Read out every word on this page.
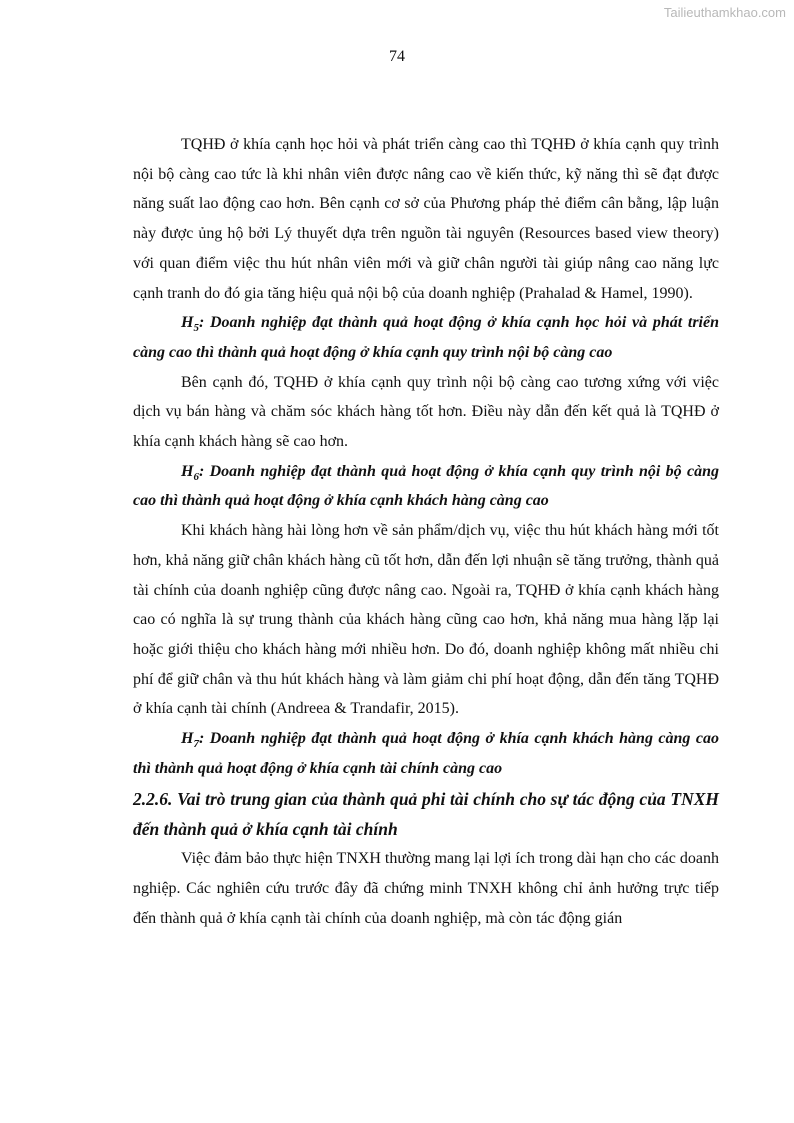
Tailieuthamkhao.com
74

TQHĐ ở khía cạnh học hỏi và phát triển càng cao thì TQHĐ ở khía cạnh quy trình nội bộ càng cao tức là khi nhân viên được nâng cao về kiến thức, kỹ năng thì sẽ đạt được năng suất lao động cao hơn. Bên cạnh cơ sở của Phương pháp thẻ điểm cân bằng, lập luận này được ủng hộ bởi Lý thuyết dựa trên nguồn tài nguyên (Resources based view theory) với quan điểm việc thu hút nhân viên mới và giữ chân người tài giúp nâng cao năng lực cạnh tranh do đó gia tăng hiệu quả nội bộ của doanh nghiệp (Prahalad & Hamel, 1990).

$H_5$: Doanh nghiệp đạt thành quả hoạt động ở khía cạnh học hỏi và phát triển càng cao thì thành quả hoạt động ở khía cạnh quy trình nội bộ càng cao

Bên cạnh đó, TQHĐ ở khía cạnh quy trình nội bộ càng cao tương xứng với việc dịch vụ bán hàng và chăm sóc khách hàng tốt hơn. Điều này dẫn đến kết quả là TQHĐ ở khía cạnh khách hàng sẽ cao hơn.

$H_6$: Doanh nghiệp đạt thành quả hoạt động ở khía cạnh quy trình nội bộ càng cao thì thành quả hoạt động ở khía cạnh khách hàng càng cao

Khi khách hàng hài lòng hơn về sản phẩm/dịch vụ, việc thu hút khách hàng mới tốt hơn, khả năng giữ chân khách hàng cũ tốt hơn, dẫn đến lợi nhuận sẽ tăng trưởng, thành quả tài chính của doanh nghiệp cũng được nâng cao. Ngoài ra, TQHĐ ở khía cạnh khách hàng cao có nghĩa là sự trung thành của khách hàng cũng cao hơn, khả năng mua hàng lặp lại hoặc giới thiệu cho khách hàng mới nhiều hơn. Do đó, doanh nghiệp không mất nhiều chi phí để giữ chân và thu hút khách hàng và làm giảm chi phí hoạt động, dẫn đến tăng TQHĐ ở khía cạnh tài chính (Andreea & Trandafir, 2015).

$H_7$: Doanh nghiệp đạt thành quả hoạt động ở khía cạnh khách hàng càng cao thì thành quả hoạt động ở khía cạnh tài chính càng cao

2.2.6. Vai trò trung gian của thành quả phi tài chính cho sự tác động của TNXH đến thành quả ở khía cạnh tài chính

Việc đảm bảo thực hiện TNXH thường mang lại lợi ích trong dài hạn cho các doanh nghiệp. Các nghiên cứu trước đây đã chứng minh TNXH không chỉ ảnh hưởng trực tiếp đến thành quả ở khía cạnh tài chính của doanh nghiệp, mà còn tác động gián
